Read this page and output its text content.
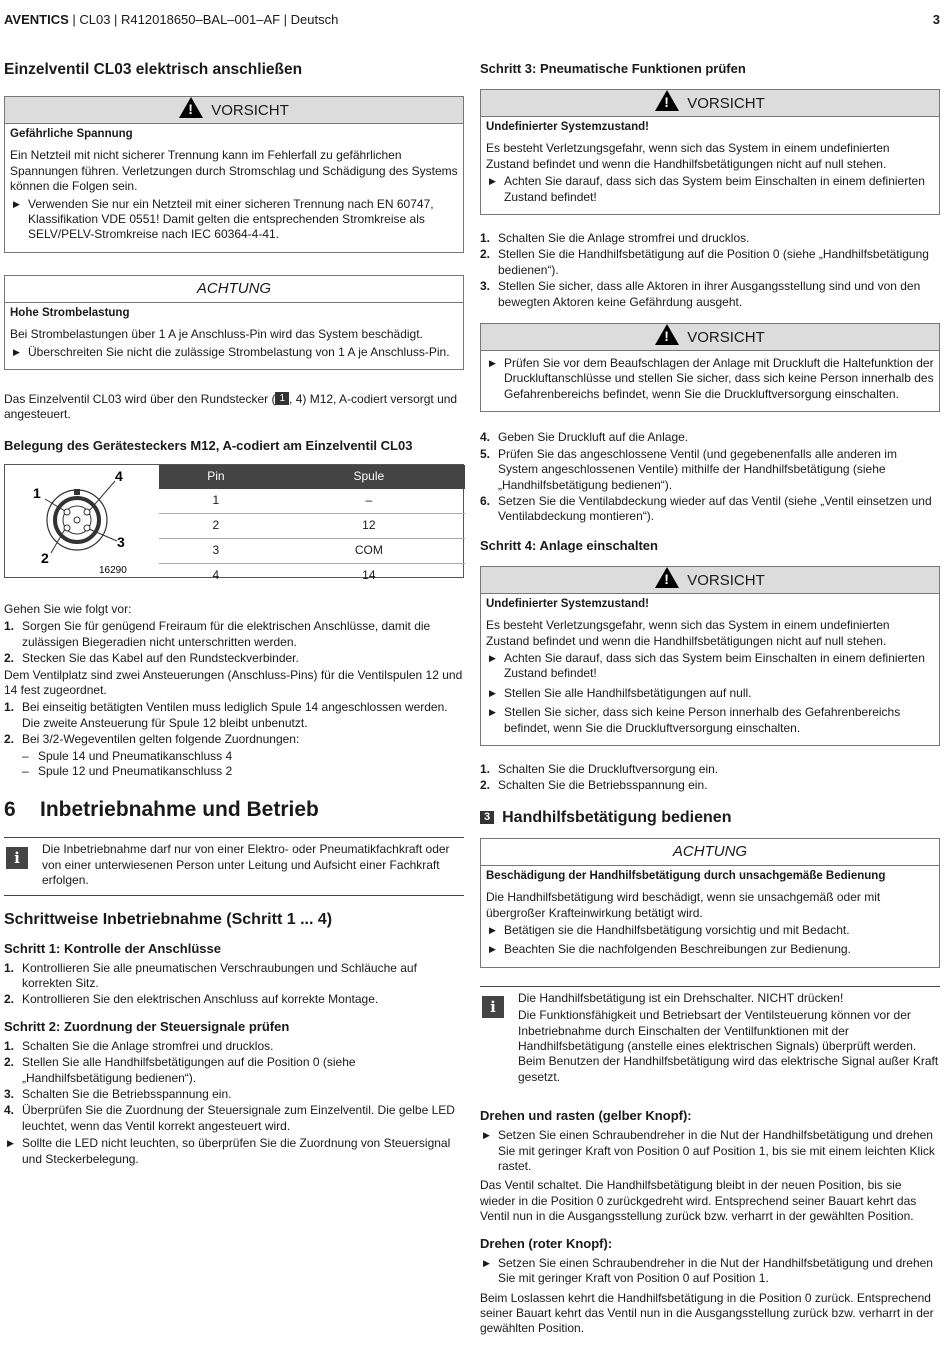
AVENTICS | CL03 | R412018650–BAL–001–AF | Deutsch	3
Einzelventil CL03 elektrisch anschließen
! VORSICHT

Gefährliche Spannung

Ein Netzteil mit nicht sicherer Trennung kann im Fehlerfall zu gefährlichen Spannungen führen. Verletzungen durch Stromschlag und Schädigung des Systems können die Folgen sein.

▶ Verwenden Sie nur ein Netzteil mit einer sicheren Trennung nach EN 60747, Klassifikation VDE 0551! Damit gelten die entsprechenden Stromkreise als SELV/PELV-Stromkreise nach IEC 60364-4-41.
ACHTUNG

Hohe Strombelastung

Bei Strombelastungen über 1 A je Anschluss-Pin wird das System beschädigt.

▶ Überschreiten Sie nicht die zulässige Strombelastung von 1 A je Anschluss-Pin.

Das Einzelventil CL03 wird über den Rundstecker ( 1 , 4) M12, A-codiert versorgt und angesteuert.

Belegung des Gerätesteckers M12, A-codiert am Einzelventil CL03
1
4
3
2
16290
Pin	Spule
1	–
2	12
3	COM
4	14

Gehen Sie wie folgt vor:

1. Sorgen Sie für genügend Freiraum für die elektrischen Anschlüsse, damit die zulässigen Biegeradien nicht unterschritten werden.
2. Stecken Sie das Kabel auf den Rundsteckverbinder.

Dem Ventilplatz sind zwei Ansteuerungen (Anschluss-Pins) für die Ventilspulen 12 und 14 fest zugeordnet.

1. Bei einseitig betätigten Ventilen muss lediglich Spule 14 angeschlossen werden. Die zweite Ansteuerung für Spule 12 bleibt unbenutzt.
2. Bei 3/2-Wegeventilen gelten folgende Zuordnungen:
– Spule 14 und Pneumatikanschluss 4
– Spule 12 und Pneumatikanschluss 2
6 Inbetriebnahme und Betrieb
i	Die Inbetriebnahme darf nur von einer Elektro- oder Pneumatikfachkraft oder von einer unterwiesenen Person unter Leitung und Aufsicht einer Fachkraft erfolgen.
Schrittweise Inbetriebnahme (Schritt 1 ... 4)
Schritt 1: Kontrolle der Anschlüsse
1. Kontrollieren Sie alle pneumatischen Verschraubungen und Schläuche auf korrekten Sitz.
2. Kontrollieren Sie den elektrischen Anschluss auf korrekte Montage.
Schritt 2: Zuordnung der Steuersignale prüfen
1. Schalten Sie die Anlage stromfrei und drucklos.
2. Stellen Sie alle Handhilfsbetätigungen auf die Position 0 (siehe „Handhilfsbetätigung bedienen“).
3. Schalten Sie die Betriebsspannung ein.
4. Überprüfen Sie die Zuordnung der Steuersignale zum Einzelventil. Die gelbe LED leuchtet, wenn das Ventil korrekt angesteuert wird.
▶ Sollte die LED nicht leuchten, so überprüfen Sie die Zuordnung von Steuersignal und Steckerbelegung.
Schritt 3: Pneumatische Funktionen prüfen
! VORSICHT

Undefinierter Systemzustand!

Es besteht Verletzungsgefahr, wenn sich das System in einem undefinierten Zustand befindet und wenn die Handhilfsbetätigungen nicht auf null stehen.

▶ Achten Sie darauf, dass sich das System beim Einschalten in einem definierten Zustand befindet!
1. Schalten Sie die Anlage stromfrei und drucklos.
2. Stellen Sie die Handhilfsbetätigung auf die Position 0 (siehe „Handhilfsbetätigung bedienen“).
3. Stellen Sie sicher, dass alle Aktoren in ihrer Ausgangsstellung sind und von den bewegten Aktoren keine Gefährdung ausgeht.
! VORSICHT
▶ Prüfen Sie vor dem Beaufschlagen der Anlage mit Druckluft die Haltefunktion der Druckluftanschlüsse und stellen Sie sicher, dass sich keine Person innerhalb des Gefahrenbereichs befindet, wenn Sie die Druckluftversorgung einschalten.
4. Geben Sie Druckluft auf die Anlage.
5. Prüfen Sie das angeschlossene Ventil (und gegebenenfalls alle anderen im System angeschlossenen Ventile) mithilfe der Handhilfsbetätigung (siehe „Handhilfsbetätigung bedienen“).
6. Setzen Sie die Ventilabdeckung wieder auf das Ventil (siehe „Ventil einsetzen und Ventilabdeckung montieren“).
Schritt 4: Anlage einschalten
! VORSICHT

Undefinierter Systemzustand!

Es besteht Verletzungsgefahr, wenn sich das System in einem undefinierten Zustand befindet und wenn die Handhilfsbetätigungen nicht auf null stehen.

▶ Achten Sie darauf, dass sich das System beim Einschalten in einem definierten Zustand befindet!
▶ Stellen Sie alle Handhilfsbetätigungen auf null.
▶ Stellen Sie sicher, dass sich keine Person innerhalb des Gefahrenbereichs befindet, wenn Sie die Druckluftversorgung einschalten.
1. Schalten Sie die Druckluftversorgung ein.
2. Schalten Sie die Betriebsspannung ein.
3 Handhilfsbetätigung bedienen
ACHTUNG

Beschädigung der Handhilfsbetätigung durch unsachgemäße Bedienung

Die Handhilfsbetätigung wird beschädigt, wenn sie unsachgemäß oder mit übergroßer Krafteinwirkung betätigt wird.

▶ Betätigen sie die Handhilfsbetätigung vorsichtig und mit Bedacht.
▶ Beachten Sie die nachfolgenden Beschreibungen zur Bedienung.
i	Die Handhilfsbetätigung ist ein Drehschalter. NICHT drücken!

Die Funktionsfähigkeit und Betriebsart der Ventilsteuerung können vor der Inbetriebnahme durch Einschalten der Ventilfunktionen mit der Handhilfsbetätigung (anstelle eines elektrischen Signals) überprüft werden. Beim Benutzen der Handhilfsbetätigung wird das elektrische Signal außer Kraft gesetzt.

Drehen und rasten (gelber Knopf):
▶ Setzen Sie einen Schraubendreher in die Nut der Handhilfsbetätigung und drehen Sie mit geringer Kraft von Position 0 auf Position 1, bis sie mit einem leichten Klick rastet.

Das Ventil schaltet. Die Handhilfsbetätigung bleibt in der neuen Position, bis sie wieder in die Position 0 zurückgedreht wird. Entsprechend seiner Bauart kehrt das Ventil nun in die Ausgangsstellung zurück bzw. verharrt in der gewählten Position.

Drehen (roter Knopf):
▶ Setzen Sie einen Schraubendreher in die Nut der Handhilfsbetätigung und drehen Sie mit geringer Kraft von Position 0 auf Position 1.

Beim Loslassen kehrt die Handhilfsbetätigung in die Position 0 zurück. Entsprechend seiner Bauart kehrt das Ventil nun in die Ausgangsstellung zurück bzw. verharrt in der gewählten Position.
